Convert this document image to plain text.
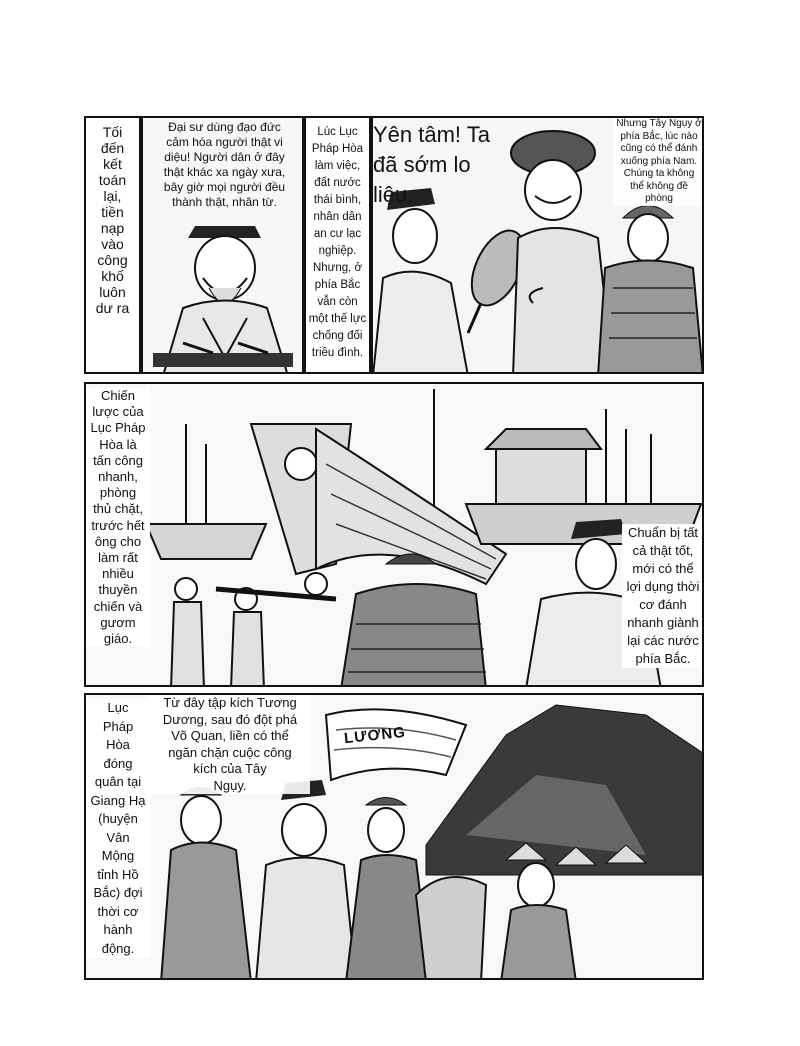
Tối
đến
kết
toán
lại,
tiền
nạp
vào
công
khố
luôn
dư ra
Đại sư dùng đạo đức
cảm hóa người thật vi
diệu! Người dân ở đây
thật khác xa ngày xưa,
bây giờ mọi người đều
thành thật, nhân từ.
Lúc Lục
Pháp Hòa
làm việc,
đất nước
thái bình,
nhân dân
an cư lạc
nghiệp.
Nhưng, ở
phía Bắc
vẫn còn
một thế lực
chống đối
triều đình.
Yên tâm! Ta
đã sớm lo
liệu.
Nhưng Tây Ngụy ở
phía Bắc, lúc nào
cũng có thể đánh
xuống phía Nam.
Chúng ta không
thể không đề
phòng
Chiến
lược của
Lục Pháp
Hòa là
tấn công
nhanh,
phòng
thủ chặt,
trước hết
ông cho
làm rất
nhiều
thuyền
chiến và
gươm
giáo.
Chuẩn bị tất
cả thật tốt,
mới có thể
lợi dụng thời
cơ đánh
nhanh giành
lại các nước
phía Bắc.
Lục
Pháp
Hòa
đóng
quân tại
Giang Hạ
(huyện
Vân
Mộng
tỉnh Hồ
Bắc) đợi
thời cơ
hành
động.
Từ đây tập kích Tương
Dương, sau đó đột phá
Võ Quan, liền có thể
ngăn chặn cuộc công
kích của Tây
Ngụy.
LƯƠNG
